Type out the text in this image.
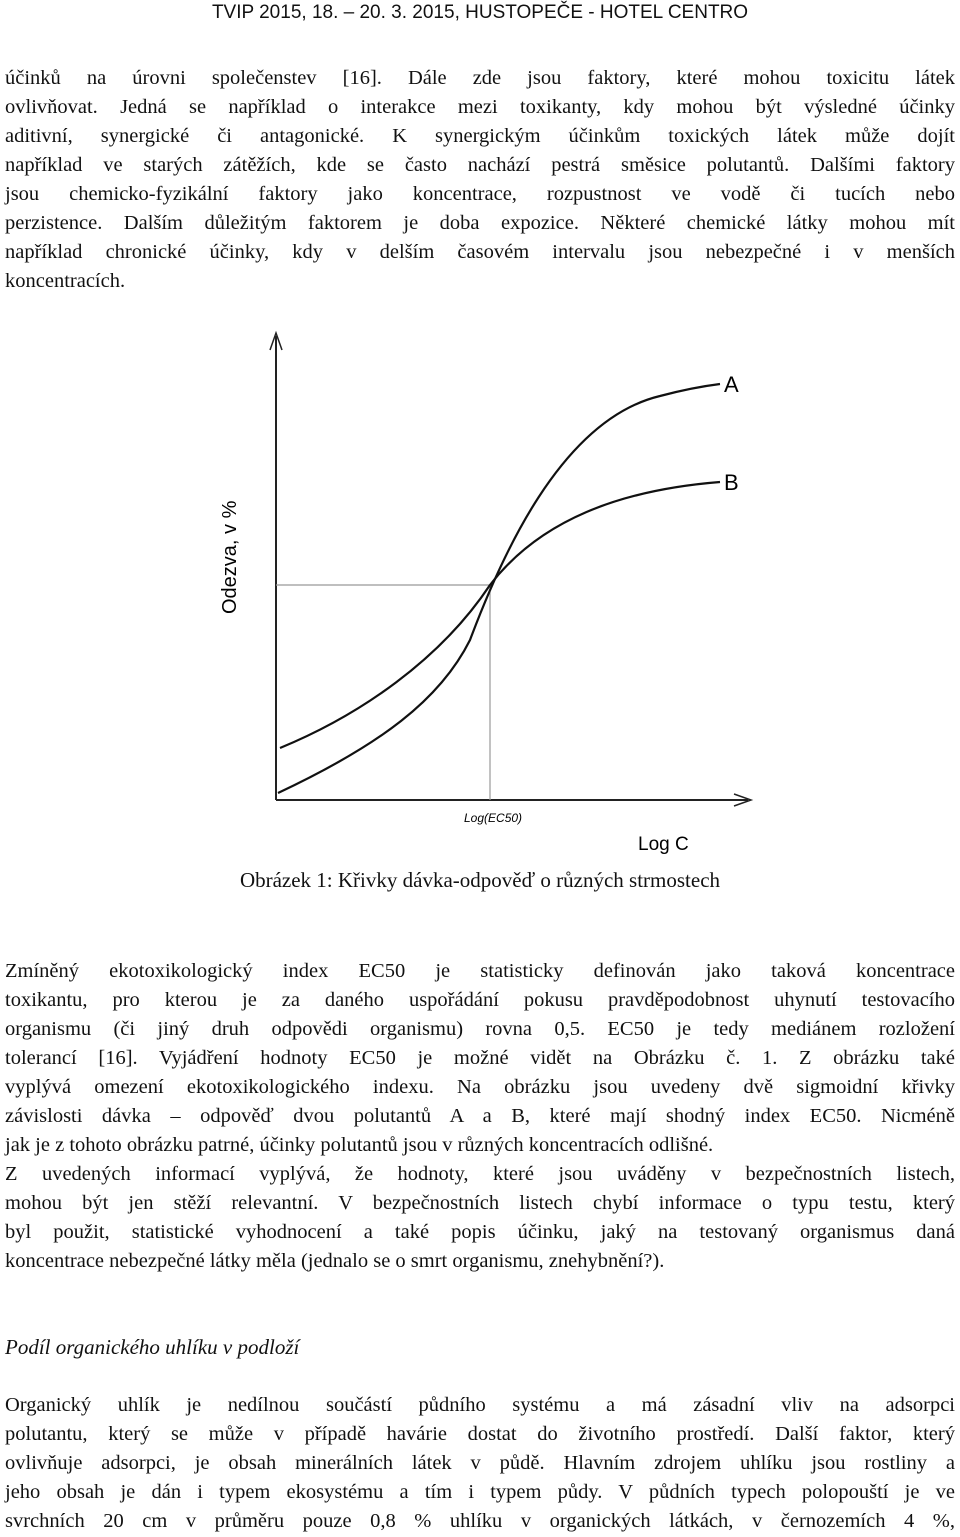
TVIP 2015, 18. – 20. 3. 2015, HUSTOPEČE - HOTEL CENTRO
účinků na úrovni společenstev [16]. Dále zde jsou faktory, které mohou toxicitu látek
ovlivňovat. Jedná se například o interakce mezi toxikanty, kdy mohou být výsledné účinky
aditivní, synergické či antagonické. K synergickým účinkům toxických látek může dojít
například ve starých zátěžích, kde se často nachází pestrá směsice polutantů. Dalšími faktory
jsou chemicko-fyzikální faktory jako koncentrace, rozpustnost ve vodě či tucích nebo
perzistence. Dalším důležitým faktorem je doba expozice. Některé chemické látky mohou mít
například chronické účinky, kdy v delším časovém intervalu jsou nebezpečné i v menších
koncentracích.
A
B
Odezva, v %
Log(EC50)
Log C
Obrázek 1: Křivky dávka-odpověď o různých strmostech
Zmíněný ekotoxikologický index EC50 je statisticky definován jako taková koncentrace
toxikantu, pro kterou je za daného uspořádání pokusu pravděpodobnost uhynutí testovacího
organismu (či jiný druh odpovědi organismu) rovna 0,5. EC50 je tedy mediánem rozložení
tolerancí [16]. Vyjádření hodnoty EC50 je možné vidět na Obrázku č. 1. Z obrázku také
vyplývá omezení ekotoxikologického indexu. Na obrázku jsou uvedeny dvě sigmoidní křivky
závislosti dávka – odpověď dvou polutantů A a B, které mají shodný index EC50. Nicméně
jak je z tohoto obrázku patrné, účinky polutantů jsou v různých koncentracích odlišné.
Z uvedených informací vyplývá, že hodnoty, které jsou uváděny v bezpečnostních listech,
mohou být jen stěží relevantní. V bezpečnostních listech chybí informace o typu testu, který
byl použit, statistické vyhodnocení a také popis účinku, jaký na testovaný organismus daná
koncentrace nebezpečné látky měla (jednalo se o smrt organismu, znehybnění?).
Podíl organického uhlíku v podloží
Organický uhlík je nedílnou součástí půdního systému a má zásadní vliv na adsorpci
polutantu, který se může v případě havárie dostat do životního prostředí. Další faktor, který
ovlivňuje adsorpci, je obsah minerálních látek v půdě. Hlavním zdrojem uhlíku jsou rostliny a
jeho obsah je dán i typem ekosystému a tím i typem půdy. V půdních typech polopouští je ve
svrchních 20 cm v průměru pouze 0,8 % uhlíku v organických látkách, v černozemích 4 %,
